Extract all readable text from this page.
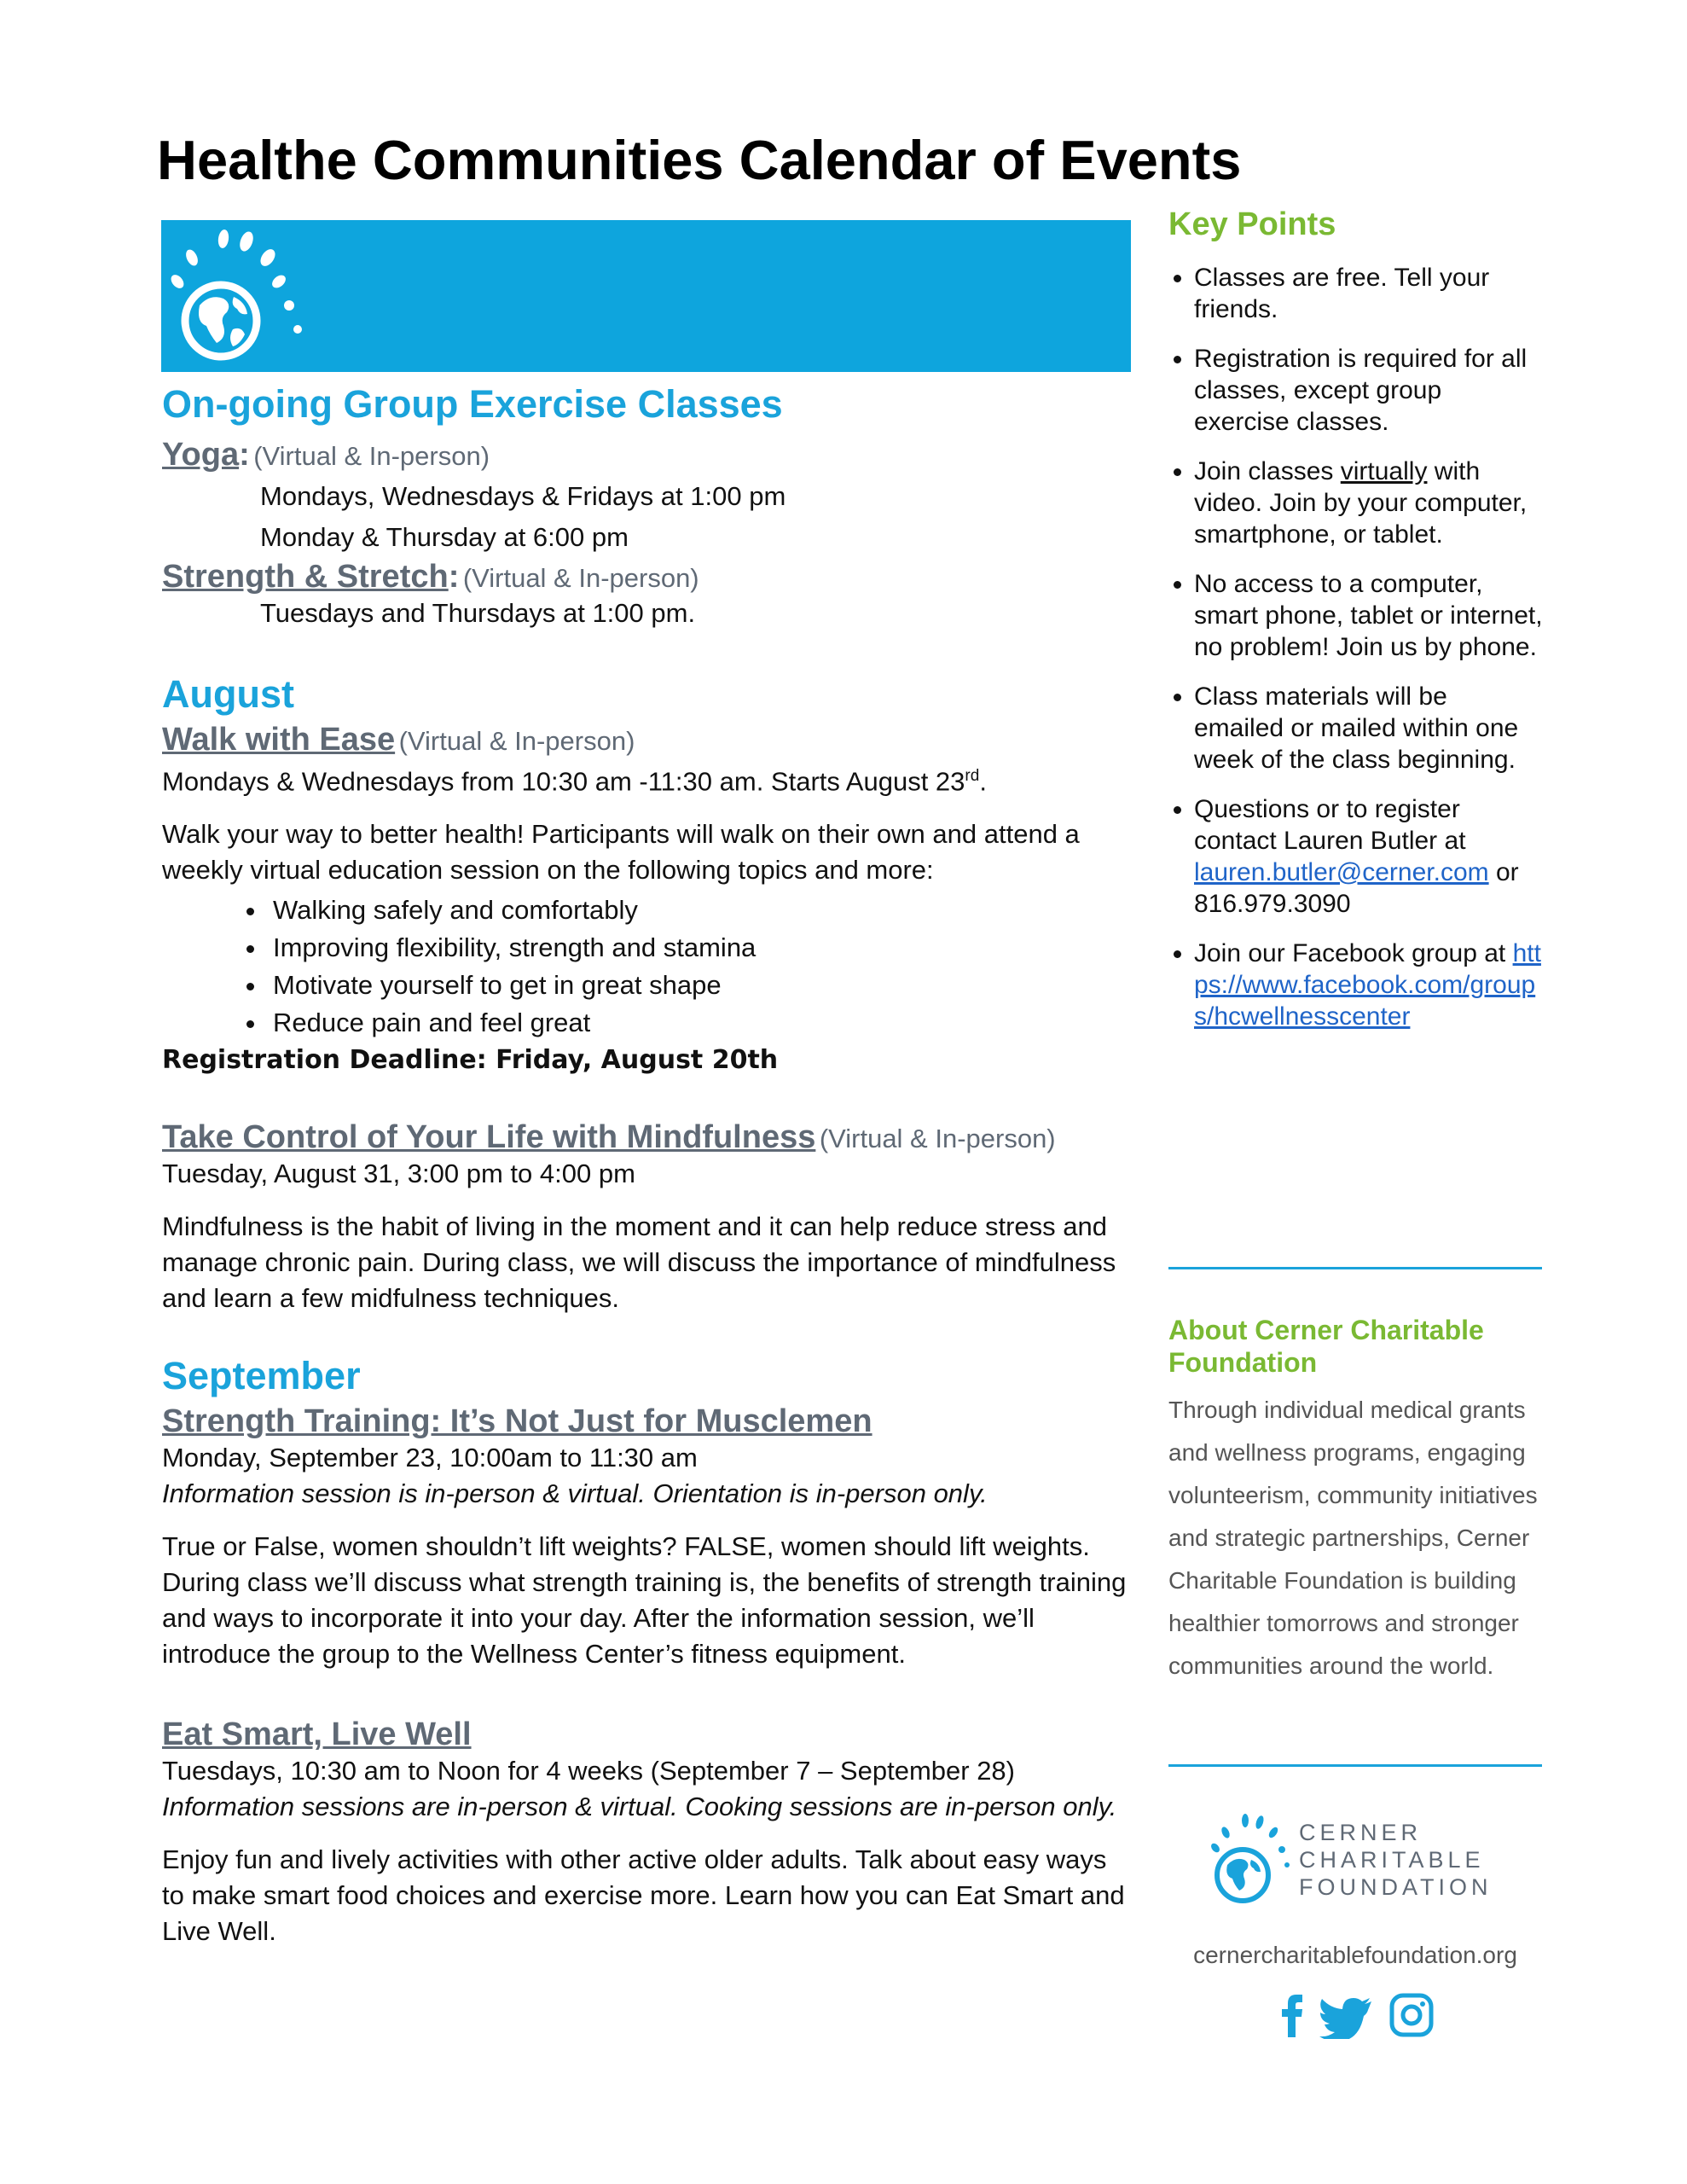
Healthe Communities Calendar of Events
On-going Group Exercise Classes
Yoga: (Virtual & In-person)

Mondays, Wednesdays & Fridays at 1:00 pm

Monday & Thursday at 6:00 pm

Strength & Stretch: (Virtual & In-person)

Tuesdays and Thursdays at 1:00 pm.

August
Walk with Ease (Virtual & In-person)

Mondays & Wednesdays from 10:30 am -11:30 am. Starts August 23rd.

Walk your way to better health! Participants will walk on their own and attend a weekly virtual education session on the following topics and more:

• Walking safely and comfortably
• Improving flexibility, strength and stamina
• Motivate yourself to get in great shape
• Reduce pain and feel great

Registration Deadline: Friday, August 20th

Take Control of Your Life with Mindfulness (Virtual & In-person)

Tuesday, August 31, 3:00 pm to 4:00 pm

Mindfulness is the habit of living in the moment and it can help reduce stress and manage chronic pain. During class, we will discuss the importance of mindfulness and learn a few midfulness techniques.

September
Strength Training: It’s Not Just for Musclemen

Monday, September 23, 10:00am to 11:30 am

Information session is in-person & virtual. Orientation is in-person only.

True or False, women shouldn’t lift weights? FALSE, women should lift weights. During class we’ll discuss what strength training is, the benefits of strength training and ways to incorporate it into your day. After the information session, we’ll introduce the group to the Wellness Center’s fitness equipment.

Eat Smart, Live Well

Tuesdays, 10:30 am to Noon for 4 weeks (September 7 – September 28)

Information sessions are in-person & virtual. Cooking sessions are in-person only.

Enjoy fun and lively activities with other active older adults. Talk about easy ways to make smart food choices and exercise more. Learn how you can Eat Smart and Live Well.

Key Points
• Classes are free. Tell your friends.
• Registration is required for all classes, except group exercise classes.
• Join classes virtually with video. Join by your computer, smartphone, or tablet.
• No access to a computer, smart phone, tablet or internet, no problem! Join us by phone.
• Class materials will be emailed or mailed within one week of the class beginning.
• Questions or to register contact Lauren Butler at lauren.butler@cerner.com or 816.979.3090
• Join our Facebook group at https://www.facebook.com/groups/hcwellnesscenter
About Cerner Charitable Foundation

Through individual medical grants and wellness programs, engaging volunteerism, community initiatives and strategic partnerships, Cerner Charitable Foundation is building healthier tomorrows and stronger communities around the world.

CERNER
CHARITABLE
FOUNDATION

cernercharitablefoundation.org
